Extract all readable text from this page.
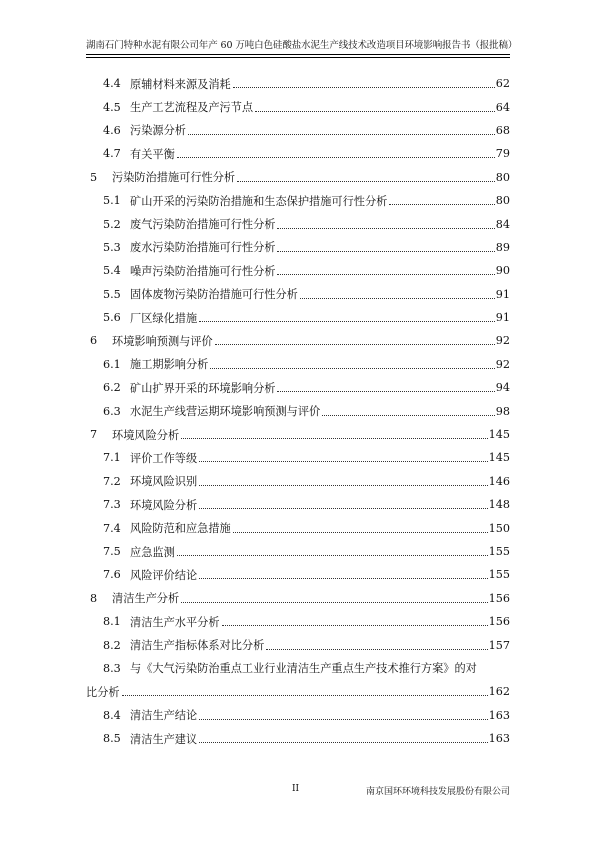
湖南石门特种水泥有限公司年产 60 万吨白色硅酸盐水泥生产线技术改造项目环境影响报告书（报批稿）
4.4 原辅材料来源及消耗	62
4.5 生产工艺流程及产污节点	64
4.6 污染源分析	68
4.7 有关平衡	79
5	污染防治措施可行性分析	80
5.1 矿山开采的污染防治措施和生态保护措施可行性分析	80
5.2 废气污染防治措施可行性分析	84
5.3 废水污染防治措施可行性分析	89
5.4 噪声污染防治措施可行性分析	90
5.5 固体废物污染防治措施可行性分析	91
5.6 厂区绿化措施	91
6	环境影响预测与评价	92
6.1 施工期影响分析	92
6.2 矿山扩界开采的环境影响分析	94
6.3 水泥生产线营运期环境影响预测与评价	98
7	环境风险分析	145
7.1 评价工作等级	145
7.2 环境风险识别	146
7.3 环境风险分析	148
7.4 风险防范和应急措施	150
7.5 应急监测	155
7.6 风险评价结论	155
8	清洁生产分析	156
8.1 清洁生产水平分析	156
8.2 清洁生产指标体系对比分析	157
8.3 与《大气污染防治重点工业行业清洁生产重点生产技术推行方案》的对
比分析	162
8.4 清洁生产结论	163
8.5 清洁生产建议	163
II	南京国环环境科技发展股份有限公司
